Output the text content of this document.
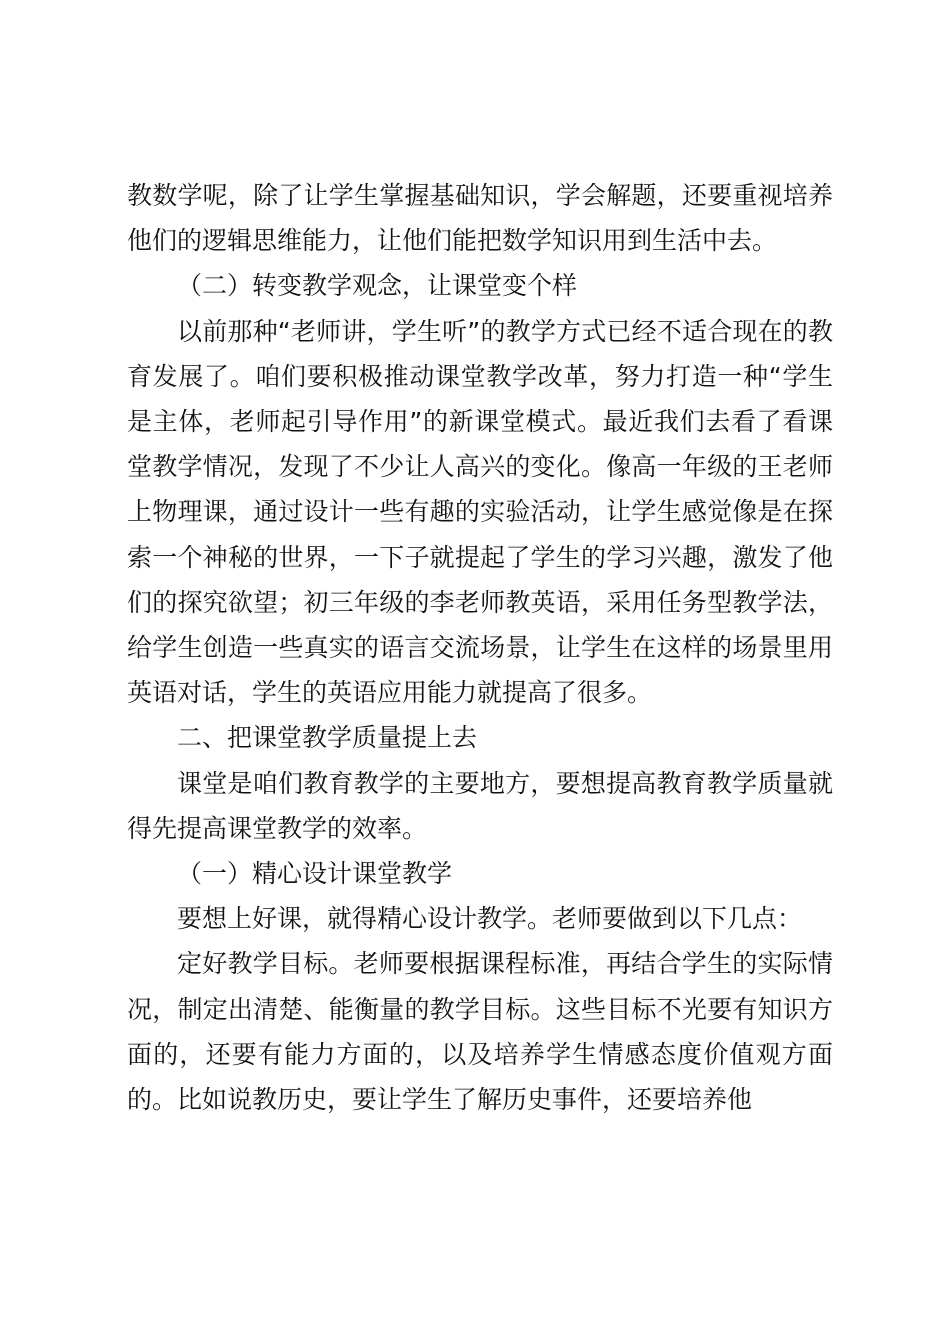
教数学呢，除了让学生掌握基础知识，学会解题，还要重视培养他们的逻辑思维能力，让他们能把数学知识用到生活中去。

（二）转变教学观念，让课堂变个样

以前那种“老师讲，学生听”的教学方式已经不适合现在的教育发展了。咱们要积极推动课堂教学改革，努力打造一种“学生是主体，老师起引导作用”的新课堂模式。最近我们去看了看课堂教学情况，发现了不少让人高兴的变化。像高一年级的王老师上物理课，通过设计一些有趣的实验活动，让学生感觉像是在探索一个神秘的世界，一下子就提起了学生的学习兴趣，激发了他们的探究欲望；初三年级的李老师教英语，采用任务型教学法，给学生创造一些真实的语言交流场景，让学生在这样的场景里用英语对话，学生的英语应用能力就提高了很多。

二、把课堂教学质量提上去

课堂是咱们教育教学的主要地方，要想提高教育教学质量就得先提高课堂教学的效率。

（一）精心设计课堂教学

要想上好课，就得精心设计教学。老师要做到以下几点：

定好教学目标。老师要根据课程标准，再结合学生的实际情况，制定出清楚、能衡量的教学目标。这些目标不光要有知识方面的，还要有能力方面的，以及培养学生情感态度价值观方面的。比如说教历史，要让学生了解历史事件，还要培养他
